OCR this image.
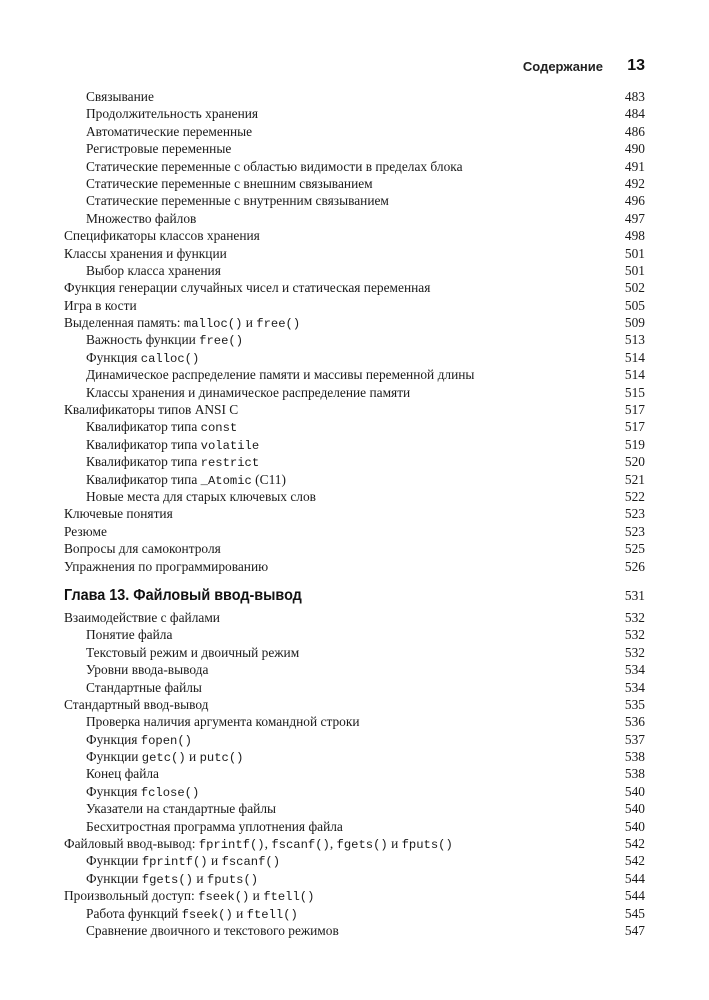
Содержание 13
Связывание	483
Продолжительность хранения	484
Автоматические переменные	486
Регистровые переменные	490
Статические переменные с областью видимости в пределах блока	491
Статические переменные с внешним связыванием	492
Статические переменные с внутренним связыванием	496
Множество файлов	497
Спецификаторы классов хранения	498
Классы хранения и функции	501
Выбор класса хранения	501
Функция генерации случайных чисел и статическая переменная	502
Игра в кости	505
Выделенная память: malloc() и free()	509
Важность функции free()	513
Функция calloc()	514
Динамическое распределение памяти и массивы переменной длины	514
Классы хранения и динамическое распределение памяти	515
Квалификаторы типов ANSI C	517
Квалификатор типа const	517
Квалификатор типа volatile	519
Квалификатор типа restrict	520
Квалификатор типа _Atomic (C11)	521
Новые места для старых ключевых слов	522
Ключевые понятия	523
Резюме	523
Вопросы для самоконтроля	525
Упражнения по программированию	526
Глава 13. Файловый ввод-вывод	531
Взаимодействие с файлами	532
Понятие файла	532
Текстовый режим и двоичный режим	532
Уровни ввода-вывода	534
Стандартные файлы	534
Стандартный ввод-вывод	535
Проверка наличия аргумента командной строки	536
Функция fopen()	537
Функции getc() и putc()	538
Конец файла	538
Функция fclose()	540
Указатели на стандартные файлы	540
Бесхитростная программа уплотнения файла	540
Файловый ввод-вывод: fprintf(), fscanf(), fgets() и fputs()	542
Функции fprintf() и fscanf()	542
Функции fgets() и fputs()	544
Произвольный доступ: fseek() и ftell()	544
Работа функций fseek() и ftell()	545
Сравнение двоичного и текстового режимов	547
